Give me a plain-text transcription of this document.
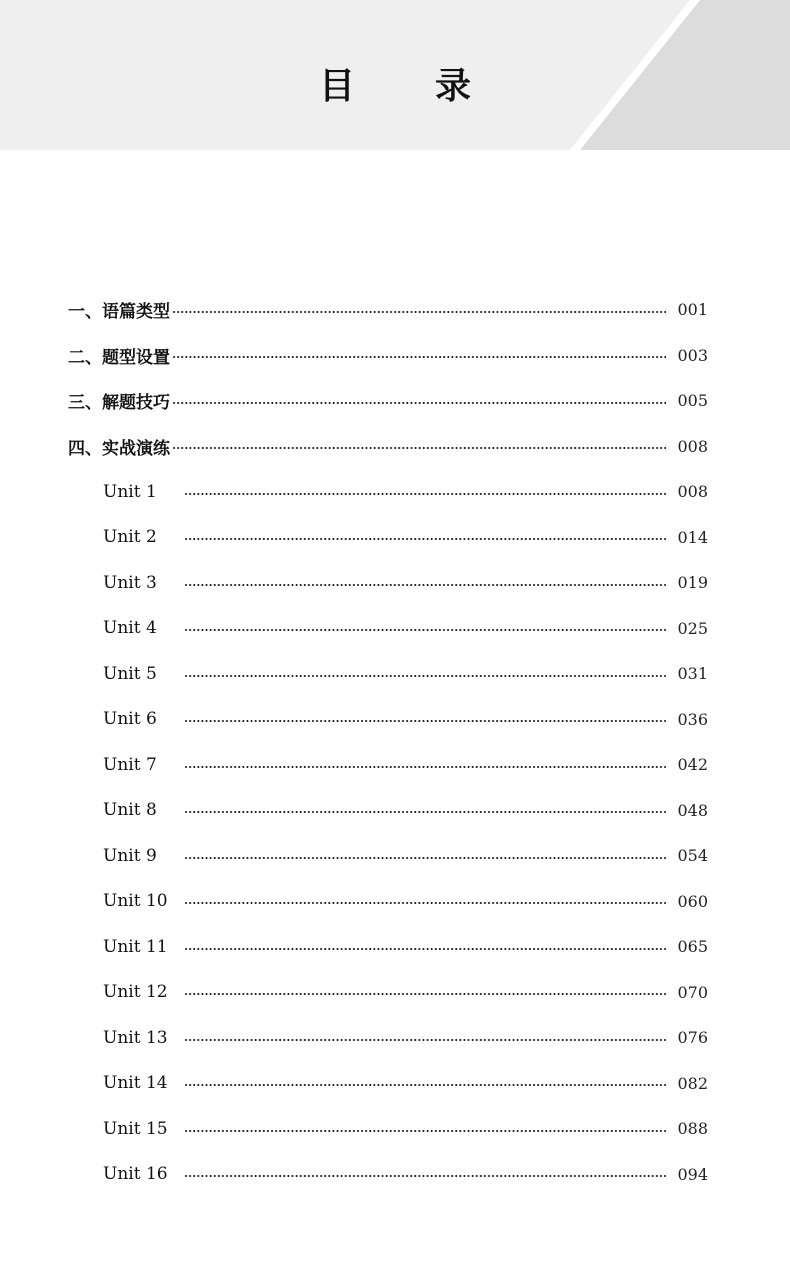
目 录
一、语篇类型	001
二、题型设置	003
三、解题技巧	005
四、实战演练	008
Unit 1	008
Unit 2	014
Unit 3	019
Unit 4	025
Unit 5	031
Unit 6	036
Unit 7	042
Unit 8	048
Unit 9	054
Unit 10	060
Unit 11	065
Unit 12	070
Unit 13	076
Unit 14	082
Unit 15	088
Unit 16	094
